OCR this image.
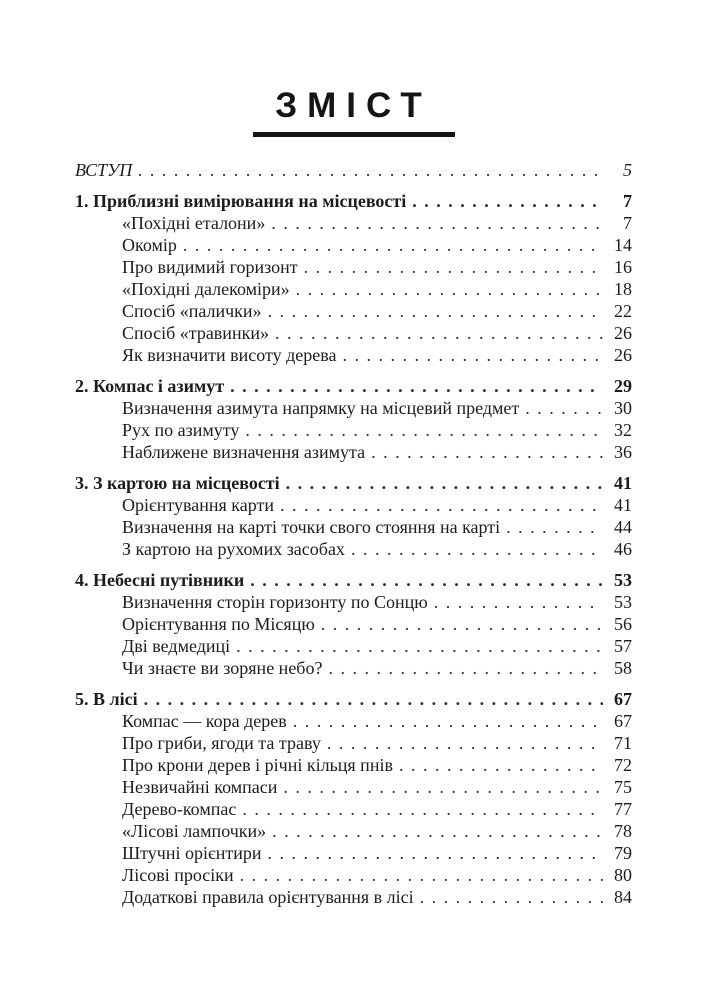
ЗМІСТ
ВСТУП . . .	5
1. Приблизні вимірювання на місцевості . . .	7
«Похідні еталони» . . .	7
Окомір . . .	14
Про видимий горизонт . . .	16
«Похідні далекоміри» . . .	18
Спосіб «палички» . . .	22
Спосіб «травинки» . . .	26
Як визначити висоту дерева . . .	26
2. Компас і азимут . . .	29
Визначення азимута напрямку на місцевий предмет . . .	30
Рух по азимуту . . .	32
Наближене визначення азимута . . .	36
3. З картою на місцевості . . .	41
Орієнтування карти . . .	41
Визначення на карті точки свого стояння на карті . . .	44
З картою на рухомих засобах . . .	46
4. Небесні путівники . . .	53
Визначення сторін горизонту по Сонцю . . .	53
Орієнтування по Місяцю . . .	56
Дві ведмедиці . . .	57
Чи знаєте ви зоряне небо? . . .	58
5. В лісі . . .	67
Компас — кора дерев . . .	67
Про гриби, ягоди та траву . . .	71
Про крони дерев і річні кільця пнів . . .	72
Незвичайні компаси . . .	75
Дерево-компас . . .	77
«Лісові лампочки» . . .	78
Штучні орієнтири . . .	79
Лісові просіки . . .	80
Додаткові правила орієнтування в лісі . . .	84
